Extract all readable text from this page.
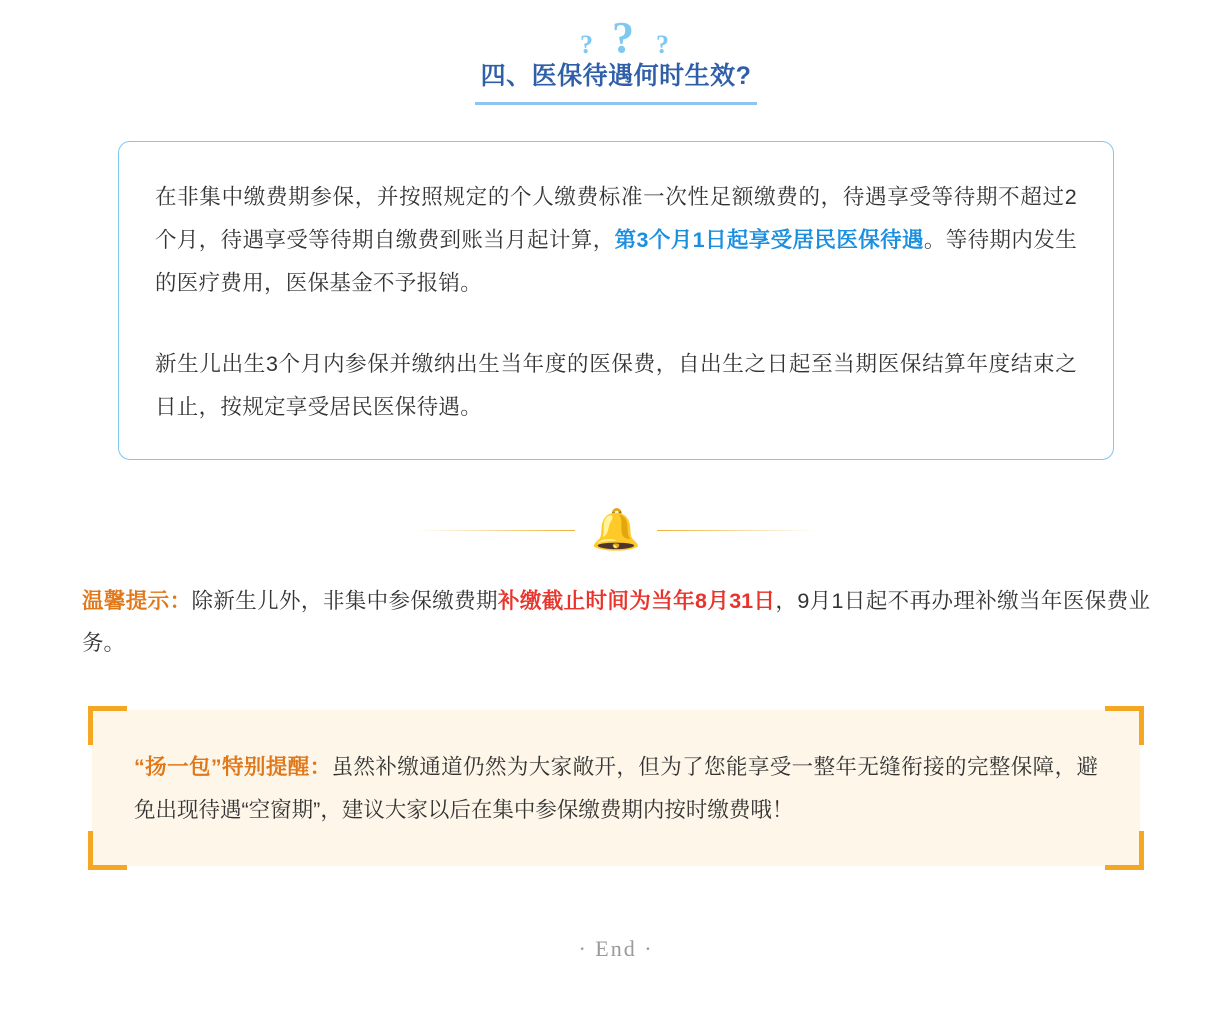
? ? ?
四、医保待遇何时生效?

在非集中缴费期参保，并按照规定的个人缴费标准一次性足额缴费的，待遇享受等待期不超过2个月，待遇享受等待期自缴费到账当月起计算，第3个月1日起享受居民医保待遇。等待期内发生的医疗费用，医保基金不予报销。

新生儿出生3个月内参保并缴纳出生当年度的医保费，自出生之日起至当期医保结算年度结束之日止，按规定享受居民医保待遇。

🔔
温馨提示：除新生儿外，非集中参保缴费期补缴截止时间为当年8月31日，9月1日起不再办理补缴当年医保费业务。

“扬一包”特别提醒：虽然补缴通道仍然为大家敞开，但为了您能享受一整年无缝衔接的完整保障，避免出现待遇“空窗期”，建议大家以后在集中参保缴费期内按时缴费哦！

· End ·
